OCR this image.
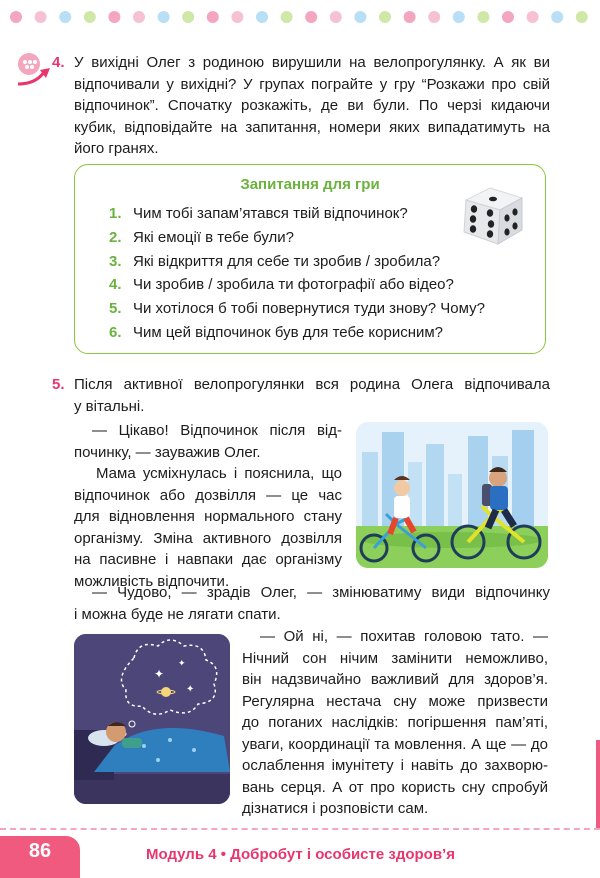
4. У вихідні Олег з родиною вирушили на велопрогулянку. А як ви
відпочивали у вихідні? У групах пограйте у гру “Розкажи про свій
відпочинок”. Спочатку розкажіть, де ви були. По черзі кидаючи
кубик, відповідайте на запитання, номери яких випадатимуть на
його гранях.
Запитання для гри
1. Чим тобі запам’ятався твій відпочинок?
2. Які емоції в тебе були?
3. Які відкриття для себе ти зробив / зробила?
4. Чи зробив / зробила ти фотографії або відео?
5. Чи хотілося б тобі повернутися туди знову? Чому?
6. Чим цей відпочинок був для тебе корисним?
5. Після активної велопрогулянки вся родина Олега відпочивала
у вітальні.
— Цікаво! Відпочинок після від-
починку, — зауважив Олег.
Мама усміхнулась і пояснила, що
відпочинок або дозвілля — це час
для відновлення нормального стану
організму. Зміна активного дозвілля
на пасивне і навпаки дає організму
можливість відпочити.
— Чудово, — зрадів Олег, — змінюватиму види відпочинку
і можна буде не лягати спати.
✦
✦
✦
— Ой ні, — похитав головою тато. —
Нічний сон нічим замінити неможливо,
він надзвичайно важливий для здоров’я.
Регулярна нестача сну може призвести
до поганих наслідків: погіршення пам’яті,
уваги, координації та мовлення. А ще — до
ослаблення імунітету і навіть до захворю-
вань серця. А от про користь сну спробуй
дізнатися і розповісти сам.
86	Модуль 4 • Добробут і особисте здоров’я
